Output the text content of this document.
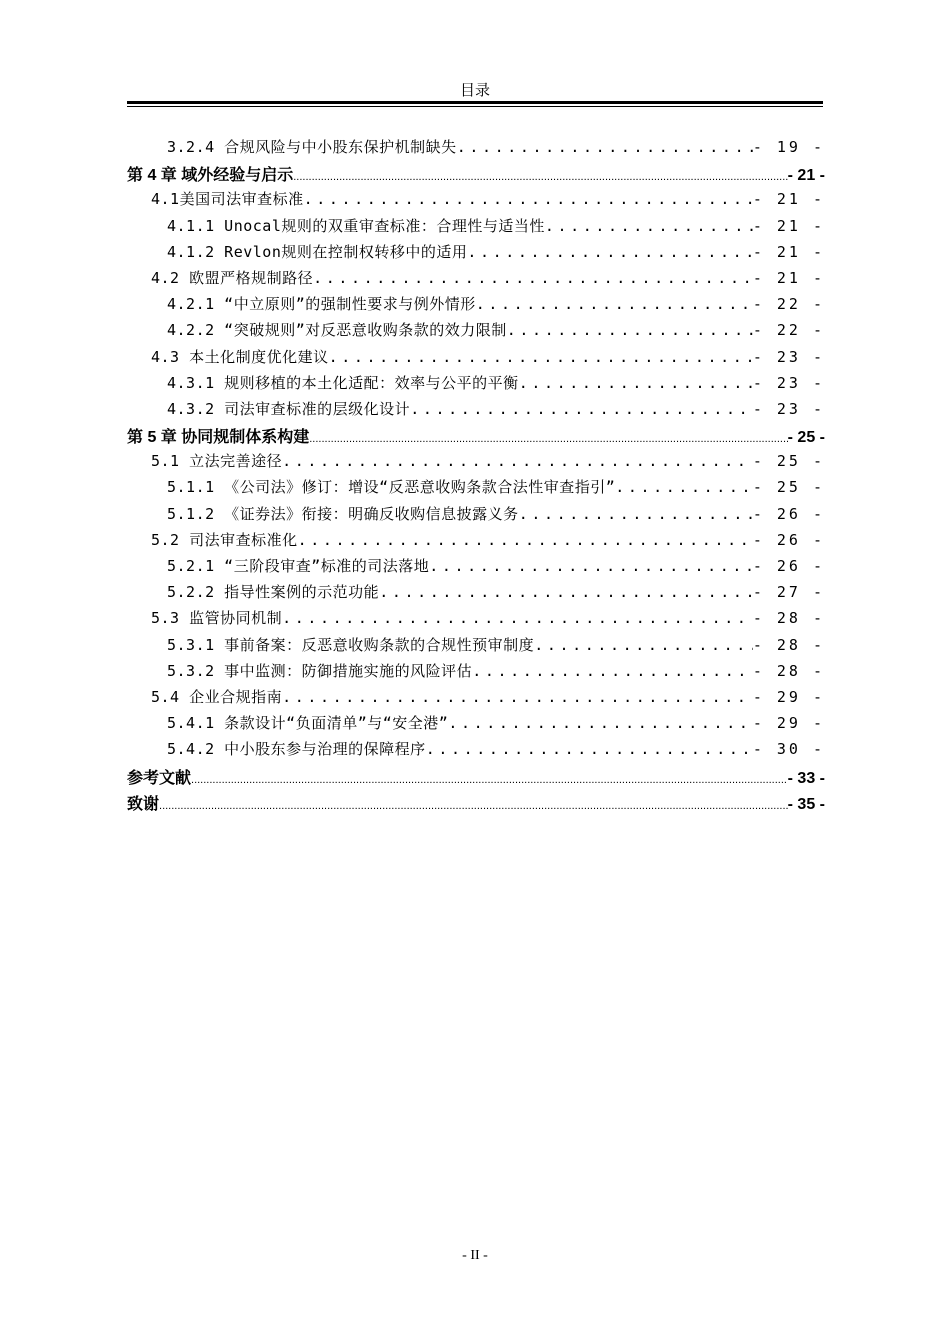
目录
3.2.4 合规风险与中小股东保护机制缺失 .....	- 19 -
第 4 章 域外经验与启示 .....	- 21 -
4.1美国司法审查标准 .....	- 21 -
4.1.1 Unocal规则的双重审查标准：合理性与适当性 .....	- 21 -
4.1.2 Revlon规则在控制权转移中的适用 .....	- 21 -
4.2 欧盟严格规制路径 .....	- 21 -
4.2.1 “中立原则”的强制性要求与例外情形 .....	- 22 -
4.2.2 “突破规则”对反恶意收购条款的效力限制 .....	- 22 -
4.3 本土化制度优化建议 .....	- 23 -
4.3.1 规则移植的本土化适配：效率与公平的平衡 .....	- 23 -
4.3.2 司法审查标准的层级化设计 .....	- 23 -
第 5 章 协同规制体系构建 .....	- 25 -
5.1 立法完善途径 .....	- 25 -
5.1.1 《公司法》修订：增设“反恶意收购条款合法性审查指引” .....	- 25 -
5.1.2 《证券法》衔接：明确反收购信息披露义务 .....	- 26 -
5.2 司法审查标准化 .....	- 26 -
5.2.1 “三阶段审查”标准的司法落地 .....	- 26 -
5.2.2 指导性案例的示范功能 .....	- 27 -
5.3 监管协同机制 .....	- 28 -
5.3.1 事前备案：反恶意收购条款的合规性预审制度 .....	- 28 -
5.3.2 事中监测：防御措施实施的风险评估 .....	- 28 -
5.4 企业合规指南 .....	- 29 -
5.4.1 条款设计“负面清单”与“安全港” .....	- 29 -
5.4.2 中小股东参与治理的保障程序 .....	- 30 -
参考文献 .....	- 33 -
致谢 .....	- 35 -
- II -
